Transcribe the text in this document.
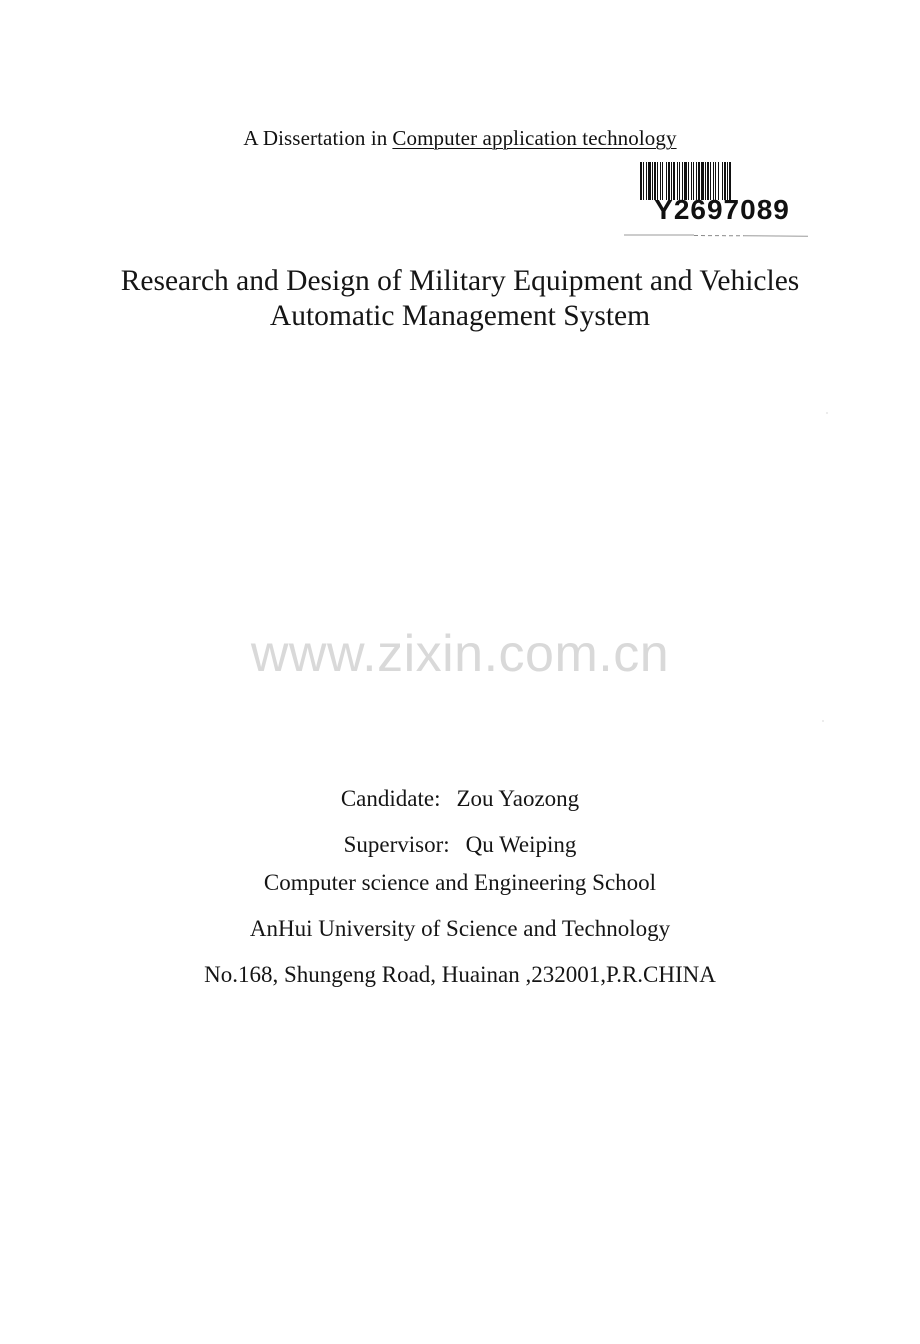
A Dissertation in Computer application technology
Y2697089
Research and Design of Military Equipment and Vehicles
Automatic Management System
www.zixin.com.cn
Candidate: Zou Yaozong
Supervisor: Qu Weiping
Computer science and Engineering School
AnHui University of Science and Technology
No.168, Shungeng Road, Huainan ,232001,P.R.CHINA
